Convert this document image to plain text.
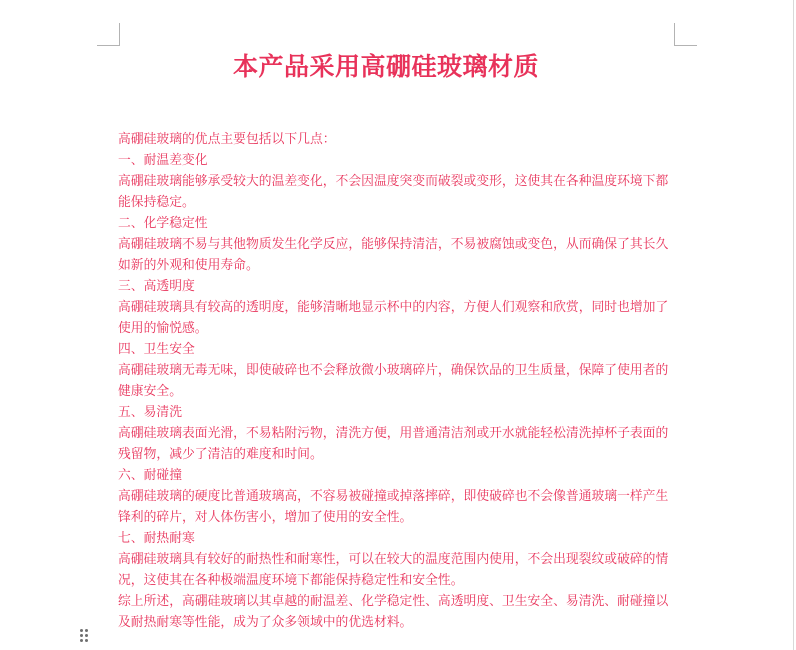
本产品采用高硼硅玻璃材质

高硼硅玻璃的优点主要包括以下几点：

一、耐温差变化

高硼硅玻璃能够承受较大的温差变化，不会因温度突变而破裂或变形，这使其在各种温度环境下都能保持稳定。

二、化学稳定性

高硼硅玻璃不易与其他物质发生化学反应，能够保持清洁，不易被腐蚀或变色，从而确保了其长久如新的外观和使用寿命。

三、高透明度

高硼硅玻璃具有较高的透明度，能够清晰地显示杯中的内容，方便人们观察和欣赏，同时也增加了使用的愉悦感。

四、卫生安全

高硼硅玻璃无毒无味，即使破碎也不会释放微小玻璃碎片，确保饮品的卫生质量，保障了使用者的健康安全。

五、易清洗

高硼硅玻璃表面光滑，不易粘附污物，清洗方便，用普通清洁剂或开水就能轻松清洗掉杯子表面的残留物，减少了清洁的难度和时间。

六、耐碰撞

高硼硅玻璃的硬度比普通玻璃高，不容易被碰撞或掉落摔碎，即使破碎也不会像普通玻璃一样产生锋利的碎片，对人体伤害小，增加了使用的安全性。

七、耐热耐寒

高硼硅玻璃具有较好的耐热性和耐寒性，可以在较大的温度范围内使用，不会出现裂纹或破碎的情况，这使其在各种极端温度环境下都能保持稳定性和安全性。

综上所述，高硼硅玻璃以其卓越的耐温差、化学稳定性、高透明度、卫生安全、易清洗、耐碰撞以及耐热耐寒等性能，成为了众多领域中的优选材料。
